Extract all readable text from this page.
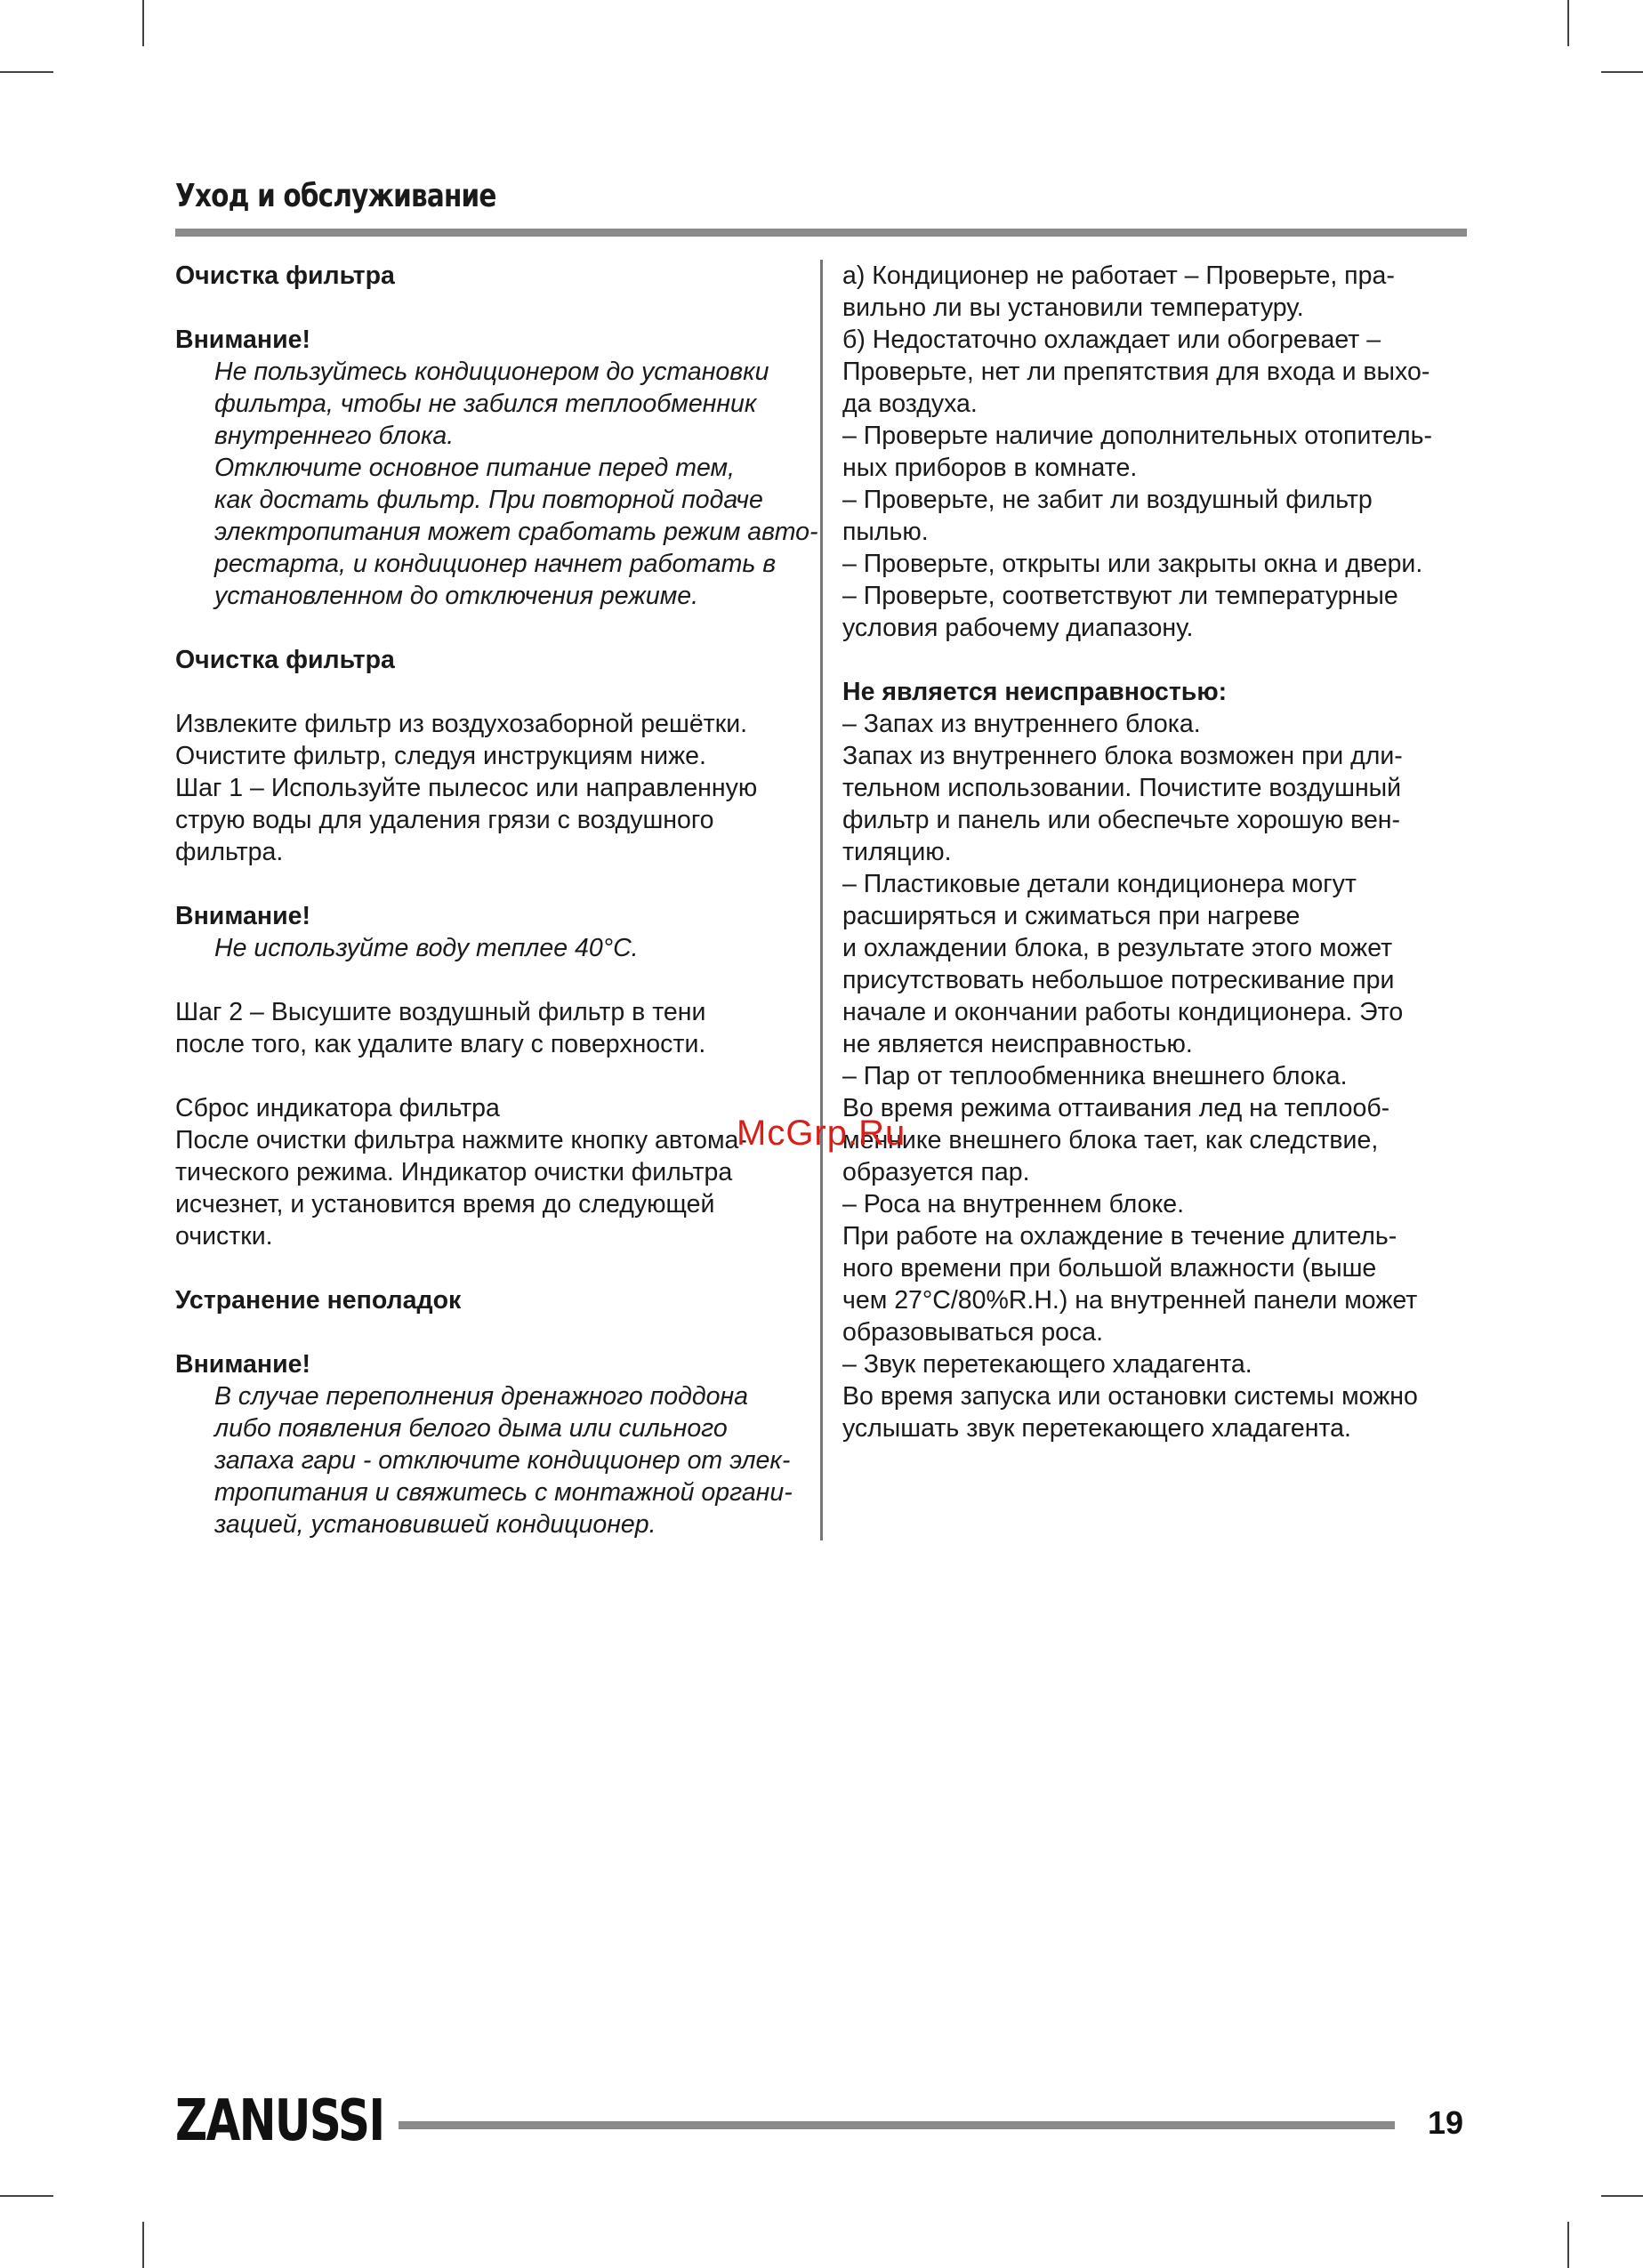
Уход и обслуживание
Очистка фильтра
Внимание!
Не пользуйтесь кондиционером до установки
фильтра, чтобы не забился теплообменник
внутреннего блока.
Отключите основное питание перед тем,
как достать фильтр. При повторной подаче
электропитания может сработать режим авто-
рестарта, и кондиционер начнет работать в
установленном до отключения режиме.
Очистка фильтра
Извлеките фильтр из воздухозаборной решётки.
Очистите фильтр, следуя инструкциям ниже.
Шаг 1 – Используйте пылесос или направленную
струю воды для удаления грязи с воздушного
фильтра.
Внимание!
Не используйте воду теплее 40°C.
Шаг 2 – Высушите воздушный фильтр в тени
после того, как удалите влагу с поверхности.
Сброс индикатора фильтра
После очистки фильтра нажмите кнопку автома-
тического режима. Индикатор очистки фильтра
исчезнет, и установится время до следующей
очистки.
Устранение неполадок
Внимание!
В случае переполнения дренажного поддона
либо появления белого дыма или сильного
запаха гари - отключите кондиционер от элек-
тропитания и свяжитесь с монтажной органи-
зацией, установившей кондиционер.
а) Кондиционер не работает – Проверьте, пра-
вильно ли вы установили температуру.
б) Недостаточно охлаждает или обогревает –
Проверьте, нет ли препятствия для входа и выхо-
да воздуха.
– Проверьте наличие дополнительных отопитель-
ных приборов в комнате.
– Проверьте, не забит ли воздушный фильтр
пылью.
– Проверьте, открыты или закрыты окна и двери.
– Проверьте, соответствуют ли температурные
условия рабочему диапазону.
Не является неисправностью:
– Запах из внутреннего блока.
Запах из внутреннего блока возможен при дли-
тельном использовании. Почистите воздушный
фильтр и панель или обеспечьте хорошую вен-
тиляцию.
– Пластиковые детали кондиционера могут
расширяться и сжиматься при нагреве
и охлаждении блока, в результате этого может
присутствовать небольшое потрескивание при
начале и окончании работы кондиционера. Это
не является неисправностью.
– Пар от теплообменника внешнего блока.
Во время режима оттаивания лед на теплооб-
меннике внешнего блока тает, как следствие,
образуется пар.
– Роса на внутреннем блоке.
При работе на охлаждение в течение длитель-
ного времени при большой влажности (выше
чем 27°C/80%R.H.) на внутренней панели может
образовываться роса.
– Звук перетекающего хладагента.
Во время запуска или остановки системы можно
услышать звук перетекающего хладагента.
McGrp.Ru
ZANUSSI	19
